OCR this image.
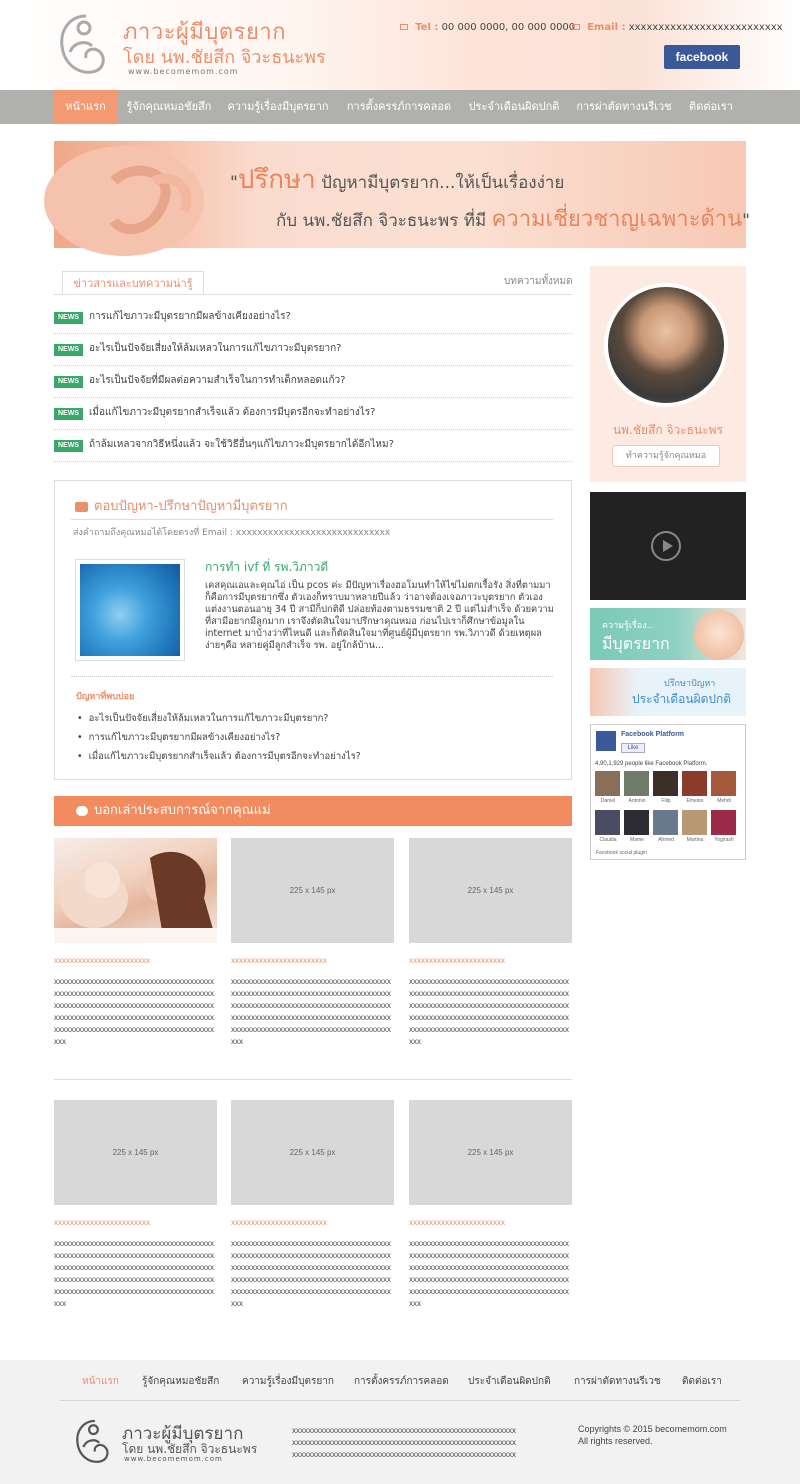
ภาวะผู้มีบุตรยาก
โดย นพ.ชัยสีก จิวะธนะพร
www.becomemom.com
Tel : 00 000 0000, 00 000 0000	Email : xxxxxxxxxxxxxxxxxxxxxxxxxx
facebook
หน้าแรก	รู้จักคุณหมอชัยสึก	ความรู้เรื่องมีบุตรยาก	การตั้งครรภ์การคลอด	ประจำเดือนผิดปกติ	การผ่าตัดทางนรีเวช	ติดต่อเรา
"ปรึกษา ปัญหามีบุตรยาก...ให้เป็นเรื่องง่าย
กับ นพ.ชัยสึก จิวะธนะพร ที่มี ความเชี่ยวชาญเฉพาะด้าน"
ข่าวสารและบทความน่ารู้	บทความทั้งหมด
NEWS	การแก้ไขภาวะมีบุตรยากมีผลข้างเคียงอย่างไร?
NEWS	อะไรเป็นปัจจัยเสี่ยงให้ล้มเหลวในการแก้ไขภาวะมีบุตรยาก?
NEWS	อะไรเป็นปัจจัยที่มีผลต่อความสำเร็จในการทำเด็กหลอดแก้ว?
NEWS	เมื่อแก้ไขภาวะมีบุตรยากสำเร็จแล้ว ต้องการมีบุตรอีกจะทำอย่างไร?
NEWS	ถ้าล้มเหลวจากวิธีหนึ่งแล้ว จะใช้วิธีอื่นๆแก้ไขภาวะมีบุตรยากได้อีกไหม?
ตอบปัญหา-ปรึกษาปัญหามีบุตรยาก
ส่งคำถามถึงคุณหมอได้โดยตรงที่ Email : xxxxxxxxxxxxxxxxxxxxxxxxxxxxx
การทำ ivf ที่ รพ.วิภาวดี
เคสคุณเอและคุณไอ่ เป็น pcos ค่ะ มีปัญหาเรื่องฮอโมนทำให้ไข่ไม่ตกเรื้อรัง สิ่งที่ตามมาก็คือการมีบุตรยากซึ่ง ตัวเองก็ทราบมาหลายปีแล้ว ว่าอาจต้องเจอภาวะบุตรยาก ตัวเองแต่งงานตอนอายุ 34 ปี สามีก็ปกติดี ปล่อยท้องตามธรรมชาติ 2 ปี แต่ไม่สำเร็จ ด้วยความที่สามีอยากมีลูกมาก เราจึงตัดสินใจมาปรึกษาคุณหมอ ก่อนไปเราก็ศึกษาข้อมูลใน internet มาบ้างว่าที่ไหนดี และก็ตัดสินใจมาที่ศูนย์ผู้มีบุตรยาก รพ.วิภาวดี ด้วยเหตุผลง่ายๆคือ หลายคู่มีลูกสำเร็จ รพ. อยู่ใกล้บ้าน...
ปัญหาที่พบบ่อย
• อะไรเป็นปัจจัยเสี่ยงให้ล้มเหลวในการแก้ไขภาวะมีบุตรยาก?
• การแก้ไขภาวะมีบุตรยากมีผลข้างเคียงอย่างไร?
• เมื่อแก้ไขภาวะมีบุตรยากสำเร็จแล้ว ต้องการมีบุตรอีกจะทำอย่างไร?
บอกเล่าประสบการณ์จากคุณแม่
225 x 145 px	225 x 145 px
xxxxxxxxxxxxxxxxxxxxxxxx	xxxxxxxxxxxxxxxxxxxxxxxx	xxxxxxxxxxxxxxxxxxxxxxxx
xxxxxxxxxxxxxxxxxxxxxxxxxxxxxxxxxxxxxxxxxxxxxxxxxxxxxxxxxxxxxxxxxxxxxxxxxxxxxxxxxxxxxxxxxxxxxxxxxxxxxxxxxxxxxxxxxxxxxxxxxxxxxxxxxxxxxxxxxxxxxxxxxxxxxxxxxxxxxxxxxxxxxxxxxxxxxxxxxxxxxxxxxxxxxxxxxxxxxxxxxxx
xxxxxxxxxxxxxxxxxxxxxxxxxxxxxxxxxxxxxxxxxxxxxxxxxxxxxxxxxxxxxxxxxxxxxxxxxxxxxxxxxxxxxxxxxxxxxxxxxxxxxxxxxxxxxxxxxxxxxxxxxxxxxxxxxxxxxxxxxxxxxxxxxxxxxxxxxxxxxxxxxxxxxxxxxxxxxxxxxxxxxxxxxxxxxxxxxxxxxxxxxxx
xxxxxxxxxxxxxxxxxxxxxxxxxxxxxxxxxxxxxxxxxxxxxxxxxxxxxxxxxxxxxxxxxxxxxxxxxxxxxxxxxxxxxxxxxxxxxxxxxxxxxxxxxxxxxxxxxxxxxxxxxxxxxxxxxxxxxxxxxxxxxxxxxxxxxxxxxxxxxxxxxxxxxxxxxxxxxxxxxxxxxxxxxxxxxxxxxxxxxxxxxxx
225 x 145 px	225 x 145 px	225 x 145 px
xxxxxxxxxxxxxxxxxxxxxxxx	xxxxxxxxxxxxxxxxxxxxxxxx	xxxxxxxxxxxxxxxxxxxxxxxx
xxxxxxxxxxxxxxxxxxxxxxxxxxxxxxxxxxxxxxxxxxxxxxxxxxxxxxxxxxxxxxxxxxxxxxxxxxxxxxxxxxxxxxxxxxxxxxxxxxxxxxxxxxxxxxxxxxxxxxxxxxxxxxxxxxxxxxxxxxxxxxxxxxxxxxxxxxxxxxxxxxxxxxxxxxxxxxxxxxxxxxxxxxxxxxxxxxxxxxxxxxx
xxxxxxxxxxxxxxxxxxxxxxxxxxxxxxxxxxxxxxxxxxxxxxxxxxxxxxxxxxxxxxxxxxxxxxxxxxxxxxxxxxxxxxxxxxxxxxxxxxxxxxxxxxxxxxxxxxxxxxxxxxxxxxxxxxxxxxxxxxxxxxxxxxxxxxxxxxxxxxxxxxxxxxxxxxxxxxxxxxxxxxxxxxxxxxxxxxxxxxxxxxx
xxxxxxxxxxxxxxxxxxxxxxxxxxxxxxxxxxxxxxxxxxxxxxxxxxxxxxxxxxxxxxxxxxxxxxxxxxxxxxxxxxxxxxxxxxxxxxxxxxxxxxxxxxxxxxxxxxxxxxxxxxxxxxxxxxxxxxxxxxxxxxxxxxxxxxxxxxxxxxxxxxxxxxxxxxxxxxxxxxxxxxxxxxxxxxxxxxxxxxxxxxx
นพ.ชัยสึก จิวะธนะพร
ทำความรู้จักคุณหมอ
ความรู้เรื่อง..
มีบุตรยาก
ปรึกษาปัญหา
ประจำเดือนผิดปกติ
Facebook Platform
Like
4,90,1,929 people like Facebook Platform.
Daniel	Antonio	Filip	Emesto	Mehdi
Claudia	Mame	Ahmed	Martina	Yogirash
Facebook social plugin
หน้าแรก รู้จักคุณหมอชัยสึก ความรู้เรื่องมีบุตรยาก การตั้งครรภ์การคลอด ประจำเดือนผิดปกติ การผ่าตัดทางนรีเวช ติดต่อเรา
ภาวะผู้มีบุตรยาก
โดย นพ.ชัยสึก จิวะธนะพร
www.becomemom.com
xxxxxxxxxxxxxxxxxxxxxxxxxxxxxxxxxxxxxxxxxxxxxxxxxxxxxxxx
xxxxxxxxxxxxxxxxxxxxxxxxxxxxxxxxxxxxxxxxxxxxxxxxxxxxxxxx
xxxxxxxxxxxxxxxxxxxxxxxxxxxxxxxxxxxxxxxxxxxxxxxxxxxxxxxx
Copyrights © 2015 becomemom.com
All rights reserved.
